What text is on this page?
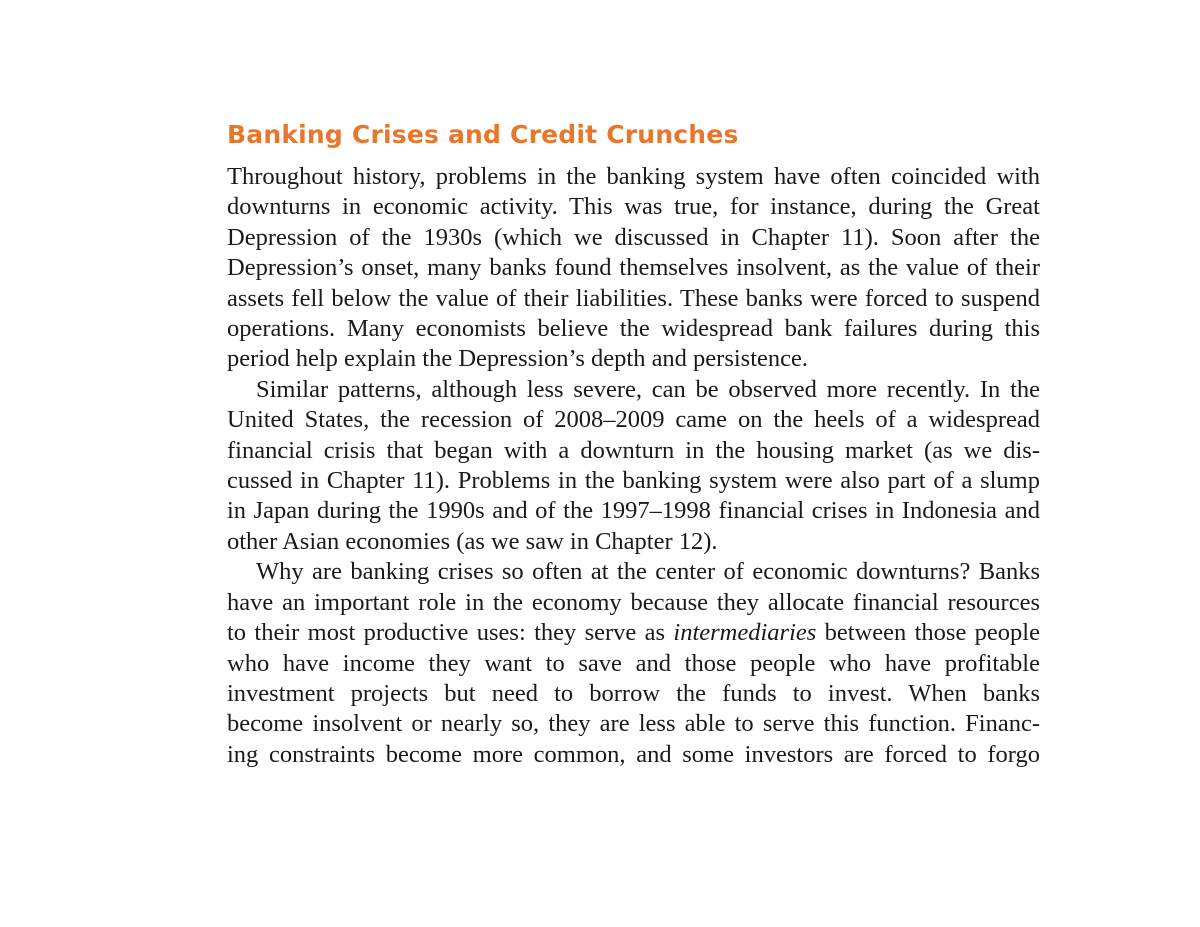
Banking Crises and Credit Crunches

Throughout history, problems in the banking system have often coincided with
downturns in economic activity. This was true, for instance, during the Great
Depression of the 1930s (which we discussed in Chapter 11). Soon after the
Depression’s onset, many banks found themselves insolvent, as the value of their
assets fell below the value of their liabilities. These banks were forced to suspend
operations. Many economists believe the widespread bank failures during this
period help explain the Depression’s depth and persistence.

Similar patterns, although less severe, can be observed more recently. In the
United States, the recession of 2008–2009 came on the heels of a widespread
financial crisis that began with a downturn in the housing market (as we dis-
cussed in Chapter 11). Problems in the banking system were also part of a slump
in Japan during the 1990s and of the 1997–1998 financial crises in Indonesia and
other Asian economies (as we saw in Chapter 12).

Why are banking crises so often at the center of economic downturns? Banks
have an important role in the economy because they allocate financial resources
to their most productive uses: they serve as intermediaries between those people
who have income they want to save and those people who have profitable
investment projects but need to borrow the funds to invest. When banks
become insolvent or nearly so, they are less able to serve this function. Financ-
ing constraints become more common, and some investors are forced to forgo
